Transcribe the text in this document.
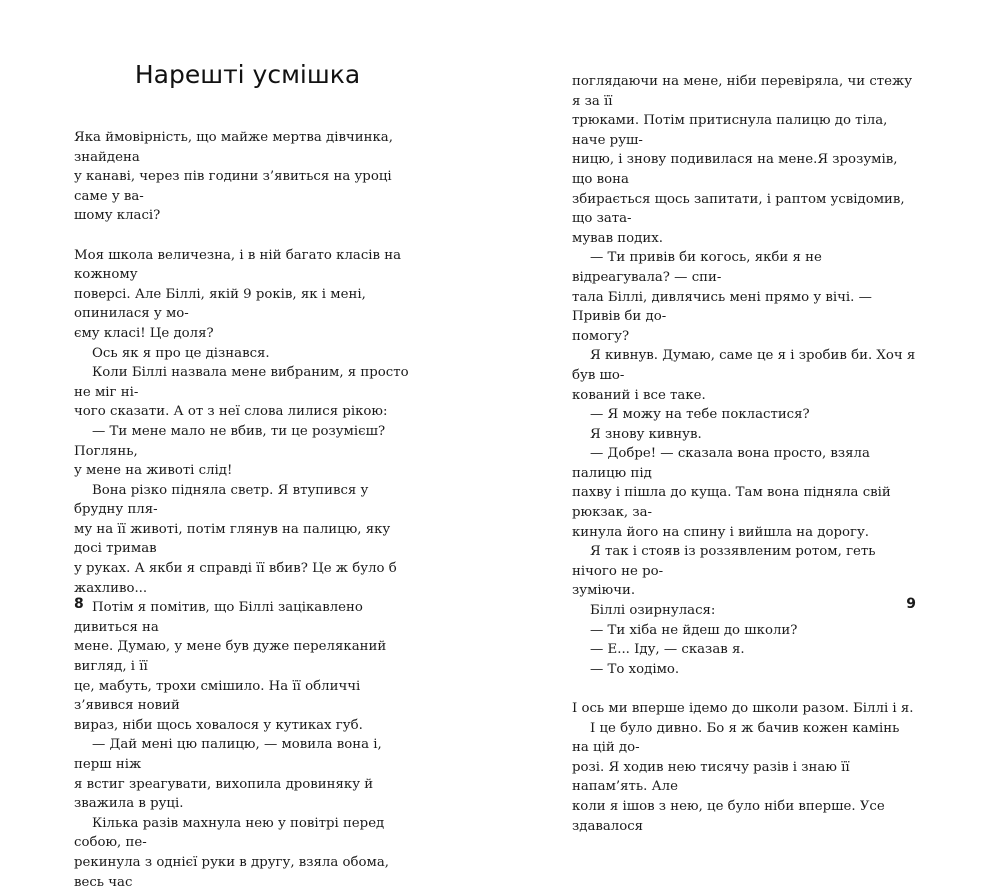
Нарешті усмішка

Яка ймовірність, що майже мертва дівчинка, знайдена
у канаві, через пів години з’явиться на уроці саме у ва-
шому класі?

Моя школа величезна, і в ній багато класів на кожному
поверсі. Але Біллі, якій 9 років, як і мені, опинилася у мо-
єму класі! Це доля?

Ось як я про це дізнався.

Коли Біллі назвала мене вибраним, я просто не міг ні-
чого сказати. А от з неї слова лилися рікою:

— Ти мене мало не вбив, ти це розумієш? Поглянь,
у мене на животі слід!

Вона різко підняла светр. Я втупився у брудну пля-
му на її животі, потім глянув на палицю, яку досі тримав
у руках. А якби я справді її вбив? Це ж було б жахливо...

Потім я помітив, що Біллі зацікавлено дивиться на
мене. Думаю, у мене був дуже переляканий вигляд, і її
це, мабуть, трохи смішило. На її обличчі з’явився новий
вираз, ніби щось ховалося у кутиках губ.

— Дай мені цю палицю, — мовила вона і, перш ніж
я встиг зреагувати, вихопила дровиняку й зважила в руці.

Кілька разів махнула нею у повітрі перед собою, пе-
рекинула з однієї руки в другу, взяла обома, весь час

8

поглядаючи на мене, ніби перевіряла, чи стежу я за її
трюками. Потім притиснула палицю до тіла, наче руш-
ницю, і знову подивилася на мене.Я зрозумів, що вона
збирається щось запитати, і раптом усвідомив, що зата-
мував подих.

— Ти привів би когось, якби я не відреагувала? — спи-
тала Біллі, дивлячись мені прямо у вічі. — Привів би до-
помогу?

Я кивнув. Думаю, саме це я і зробив би. Хоч я був шо-
кований і все таке.

— Я можу на тебе покластися?

Я знову кивнув.

— Добре! — сказала вона просто, взяла палицю під
пахву і пішла до куща. Там вона підняла свій рюкзак, за-
кинула його на спину і вийшла на дорогу.

Я так і стояв із роззявленим ротом, геть нічого не ро-
зуміючи.

Біллі озирнулася:

— Ти хіба не йдеш до школи?

— Е... Іду, — сказав я.

— То ходімо.

І ось ми вперше ідемо до школи разом. Біллі і я.

І це було дивно. Бо я ж бачив кожен камінь на цій до-
розі. Я ходив нею тисячу разів і знаю її напам’ять. Але
коли я ішов з нею, це було ніби вперше. Усе здавалося

9
